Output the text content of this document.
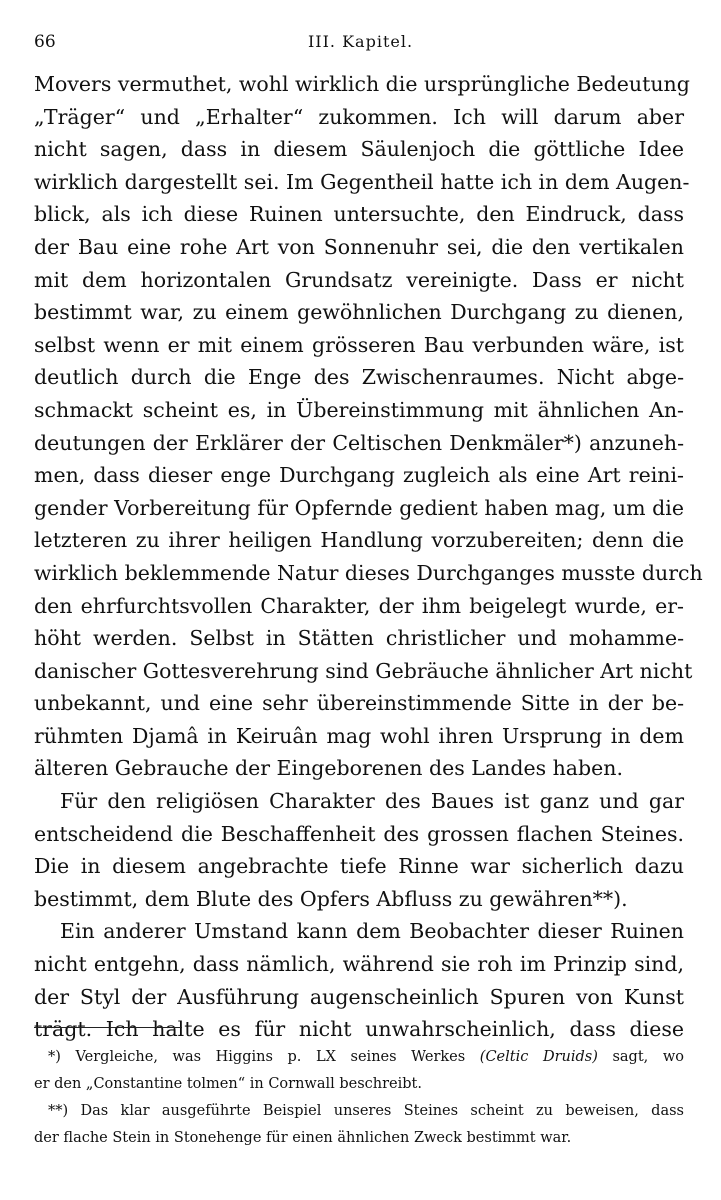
66	III. Kapitel.
Movers vermuthet, wohl wirklich die ursprüngliche Bedeutung
„Träger“ und „Erhalter“ zukommen. Ich will darum aber
nicht sagen, dass in diesem Säulenjoch die göttliche Idee
wirklich dargestellt sei. Im Gegentheil hatte ich in dem Augen-
blick, als ich diese Ruinen untersuchte, den Eindruck, dass
der Bau eine rohe Art von Sonnenuhr sei, die den vertikalen
mit dem horizontalen Grundsatz vereinigte. Dass er nicht
bestimmt war, zu einem gewöhnlichen Durchgang zu dienen,
selbst wenn er mit einem grösseren Bau verbunden wäre, ist
deutlich durch die Enge des Zwischenraumes. Nicht abge-
schmackt scheint es, in Übereinstimmung mit ähnlichen An-
deutungen der Erklärer der Celtischen Denkmäler*) anzuneh-
men, dass dieser enge Durchgang zugleich als eine Art reini-
gender Vorbereitung für Opfernde gedient haben mag, um die
letzteren zu ihrer heiligen Handlung vorzubereiten; denn die
wirklich beklemmende Natur dieses Durchganges musste durch
den ehrfurchtsvollen Charakter, der ihm beigelegt wurde, er-
höht werden. Selbst in Stätten christlicher und mohamme-
danischer Gottesverehrung sind Gebräuche ähnlicher Art nicht
unbekannt, und eine sehr übereinstimmende Sitte in der be-
rühmten Djamâ in Keiruân mag wohl ihren Ursprung in dem
älteren Gebrauche der Eingeborenen des Landes haben.
Für den religiösen Charakter des Baues ist ganz und gar
entscheidend die Beschaffenheit des grossen flachen Steines.
Die in diesem angebrachte tiefe Rinne war sicherlich dazu
bestimmt, dem Blute des Opfers Abfluss zu gewähren**).
Ein anderer Umstand kann dem Beobachter dieser Ruinen
nicht entgehn, dass nämlich, während sie roh im Prinzip sind,
der Styl der Ausführung augenscheinlich Spuren von Kunst
trägt. Ich halte es für nicht unwahrscheinlich, dass diese
*) Vergleiche, was Higgins p. LX seines Werkes (Celtic Druids) sagt, wo
er den „Constantine tolmen“ in Cornwall beschreibt.
**) Das klar ausgeführte Beispiel unseres Steines scheint zu beweisen, dass
der flache Stein in Stonehenge für einen ähnlichen Zweck bestimmt war.
